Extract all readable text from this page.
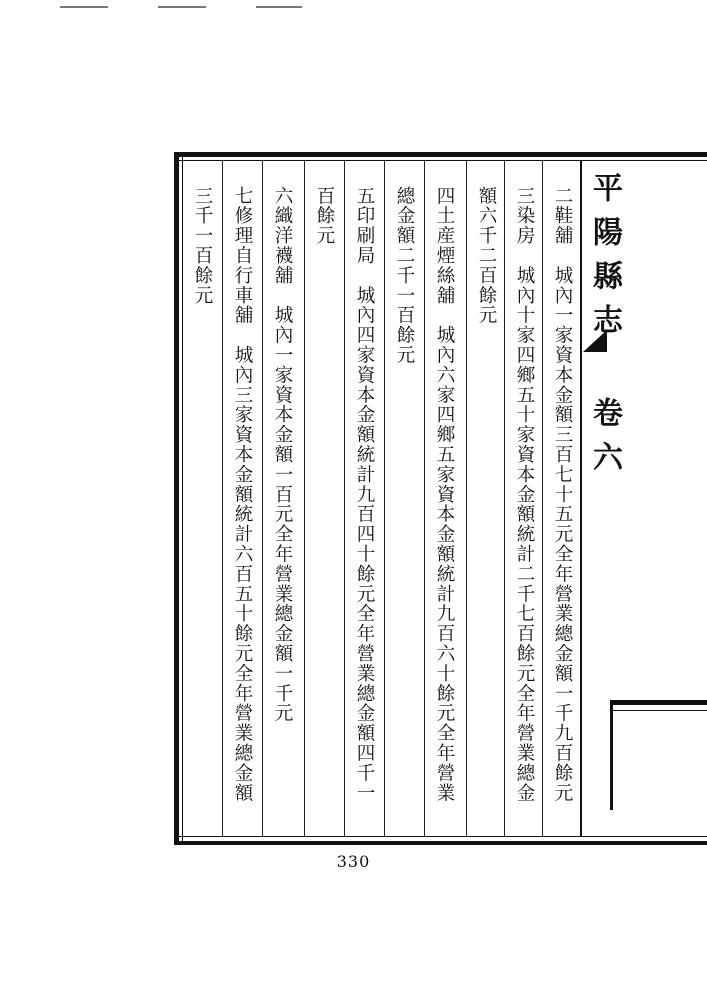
平陽縣志 卷六
二鞋舖　城內一家資本金額三百七十五元全年營業總金額一千九百餘元
三染房　城內十家四鄉五十家資本金額統計二千七百餘元全年營業總金
額六千二百餘元
四土産煙絲舖　城內六家四鄉五家資本金額統計九百六十餘元全年營業
總金額二千一百餘元
五印刷局　城內四家資本金額統計九百四十餘元全年營業總金額四千一
百餘元
六織洋襪舖　城內一家資本金額一百元全年營業總金額一千元
七修理自行車舖　城內三家資本金額統計六百五十餘元全年營業總金額
三千一百餘元
330
